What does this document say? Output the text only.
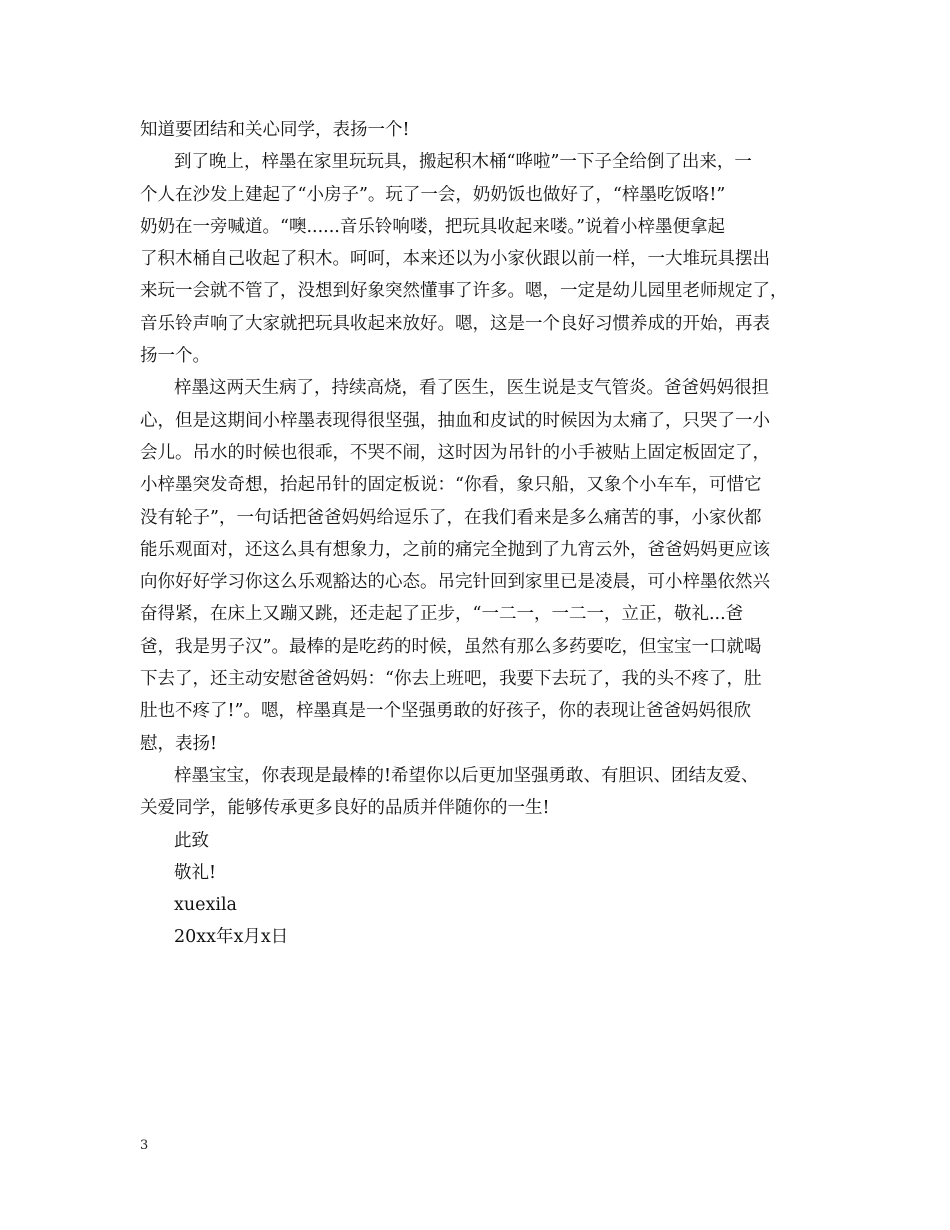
知道要团结和关心同学，表扬一个!
到了晚上，梓墨在家里玩玩具，搬起积木桶“哗啦”一下子全给倒了出来，一
个人在沙发上建起了“小房子”。玩了一会，奶奶饭也做好了，“梓墨吃饭咯!”
奶奶在一旁喊道。“噢......音乐铃响喽，把玩具收起来喽。”说着小梓墨便拿起
了积木桶自己收起了积木。呵呵，本来还以为小家伙跟以前一样，一大堆玩具摆出
来玩一会就不管了，没想到好象突然懂事了许多。嗯，一定是幼儿园里老师规定了，
音乐铃声响了大家就把玩具收起来放好。嗯，这是一个良好习惯养成的开始，再表
扬一个。
梓墨这两天生病了，持续高烧，看了医生，医生说是支气管炎。爸爸妈妈很担
心，但是这期间小梓墨表现得很坚强，抽血和皮试的时候因为太痛了，只哭了一小
会儿。吊水的时候也很乖，不哭不闹，这时因为吊针的小手被贴上固定板固定了，
小梓墨突发奇想，抬起吊针的固定板说：“你看，象只船，又象个小车车，可惜它
没有轮子”，一句话把爸爸妈妈给逗乐了，在我们看来是多么痛苦的事，小家伙都
能乐观面对，还这么具有想象力，之前的痛完全抛到了九宵云外，爸爸妈妈更应该
向你好好学习你这么乐观豁达的心态。吊完针回到家里已是凌晨，可小梓墨依然兴
奋得紧，在床上又蹦又跳，还走起了正步，“一二一，一二一，立正，敬礼...爸
爸，我是男子汉”。最棒的是吃药的时候，虽然有那么多药要吃，但宝宝一口就喝
下去了，还主动安慰爸爸妈妈：“你去上班吧，我要下去玩了，我的头不疼了，肚
肚也不疼了!”。嗯，梓墨真是一个坚强勇敢的好孩子，你的表现让爸爸妈妈很欣
慰，表扬!
梓墨宝宝，你表现是最棒的!希望你以后更加坚强勇敢、有胆识、团结友爱、
关爱同学，能够传承更多良好的品质并伴随你的一生!
此致
敬礼!
xuexila
20xx年x月x日
3
